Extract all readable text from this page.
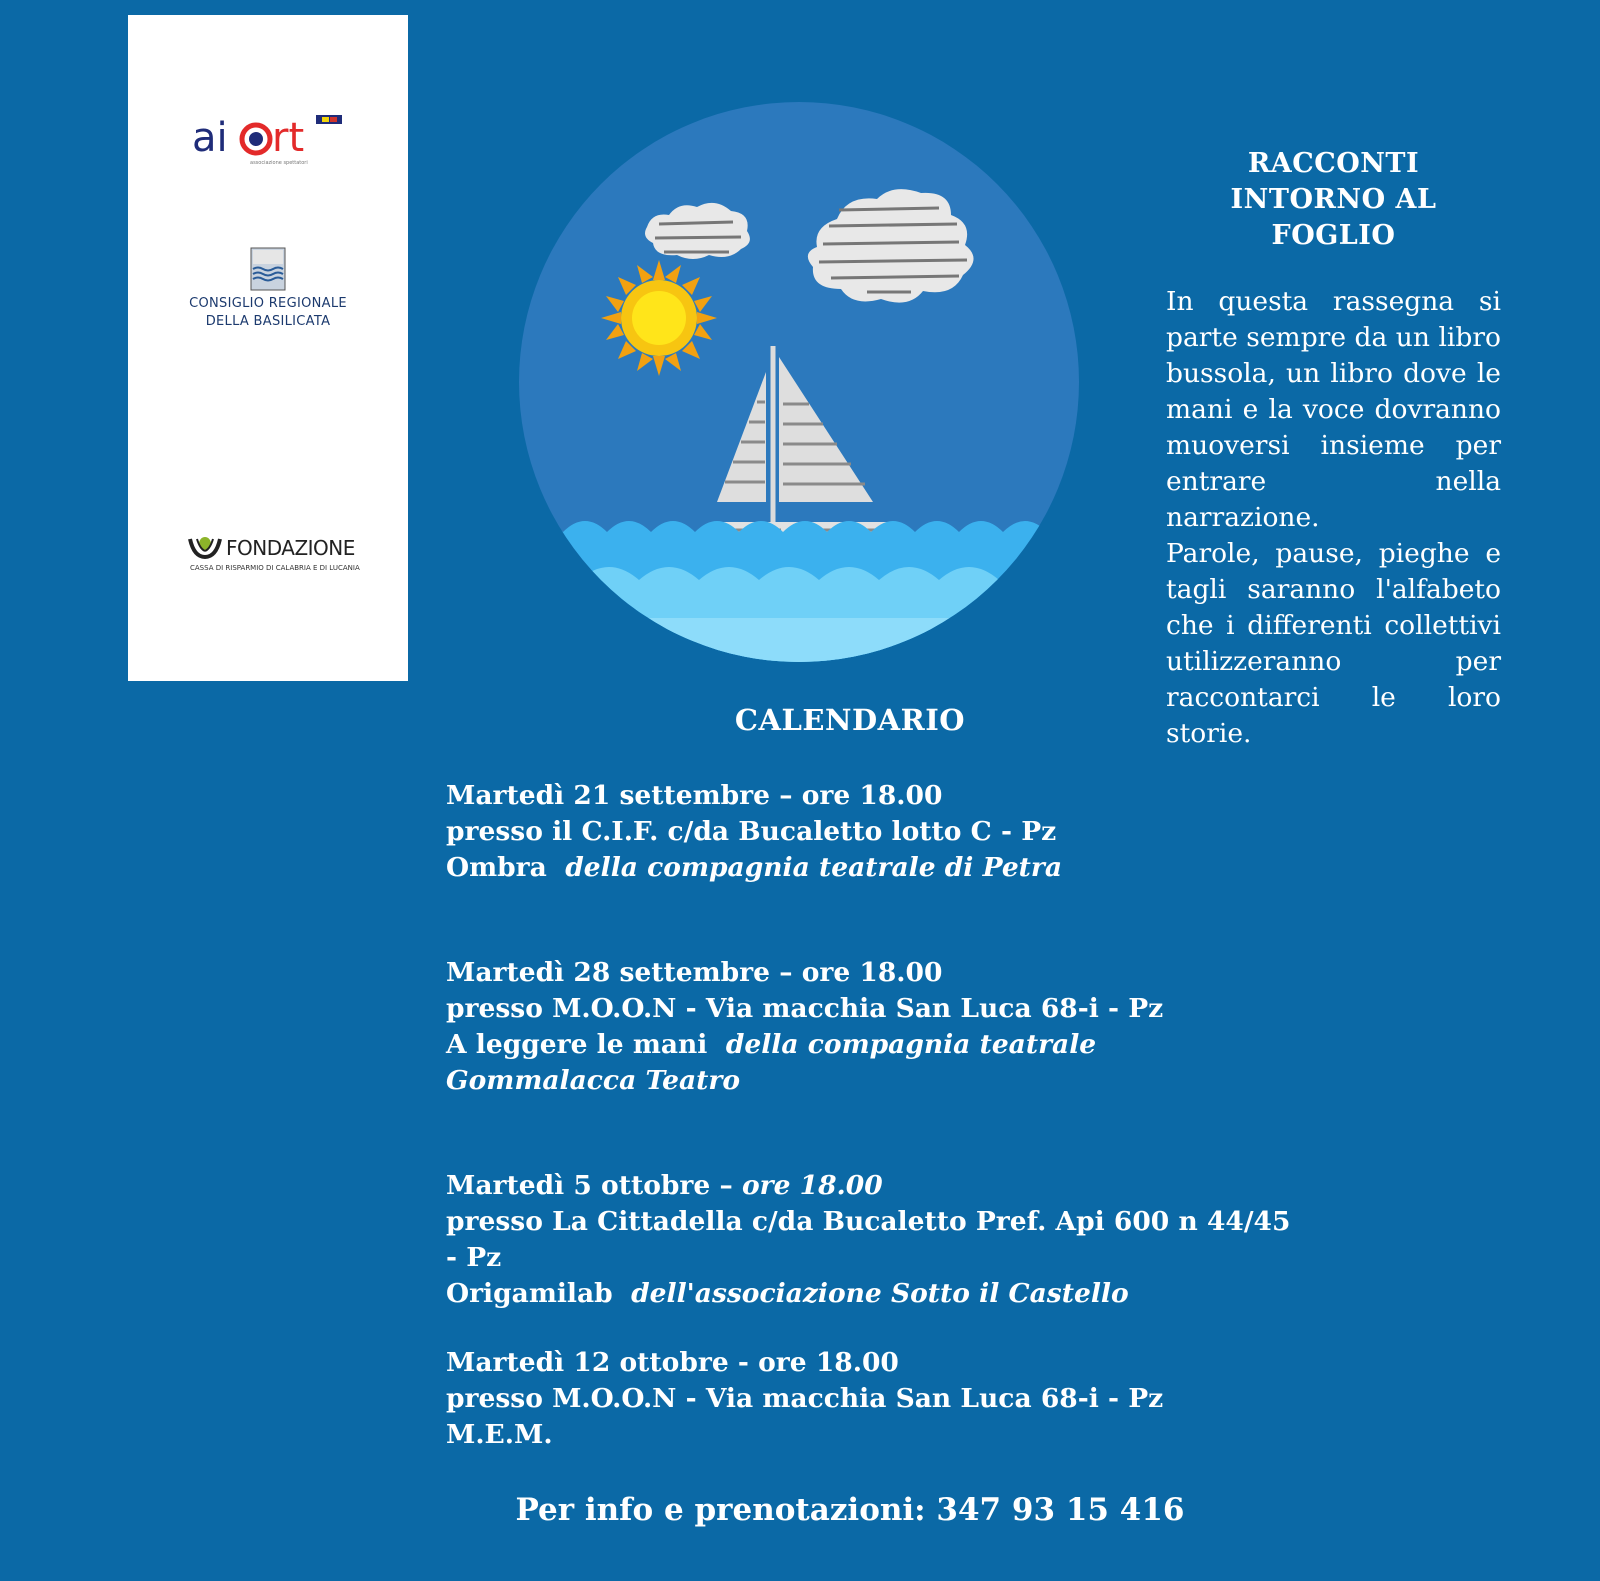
ai rt
associazione spettatori
CONSIGLIO REGIONALE
DELLA BASILICATA
FONDAZIONE
CASSA DI RISPARMIO DI CALABRIA E DI LUCANIA
RACCONTI
INTORNO AL FOGLIO
In questa rassegna si parte sempre da un libro bussola, un libro dove le mani e la voce dovranno muoversi insieme per entrare nella narrazione.
Parole, pause, pieghe e tagli saranno l'alfabeto che i differenti collettivi utilizzeranno per raccontarci le loro storie.
CALENDARIO

Martedì 21 settembre – ore 18.00

presso il C.I.F. c/da Bucaletto lotto C - Pz

Ombra della compagnia teatrale di Petra

Martedì 28 settembre – ore 18.00

presso M.O.O.N - Via macchia San Luca 68-i - Pz

A leggere le mani della compagnia teatrale Gommalacca Teatro

Martedì 5 ottobre – ore 18.00

presso La Cittadella c/da Bucaletto Pref. Api 600 n 44/45 - Pz

Origamilab dell'associazione Sotto il Castello

Martedì 12 ottobre - ore 18.00

presso M.O.O.N - Via macchia San Luca 68-i - Pz

M.E.M.

Per info e prenotazioni: 347 93 15 416
